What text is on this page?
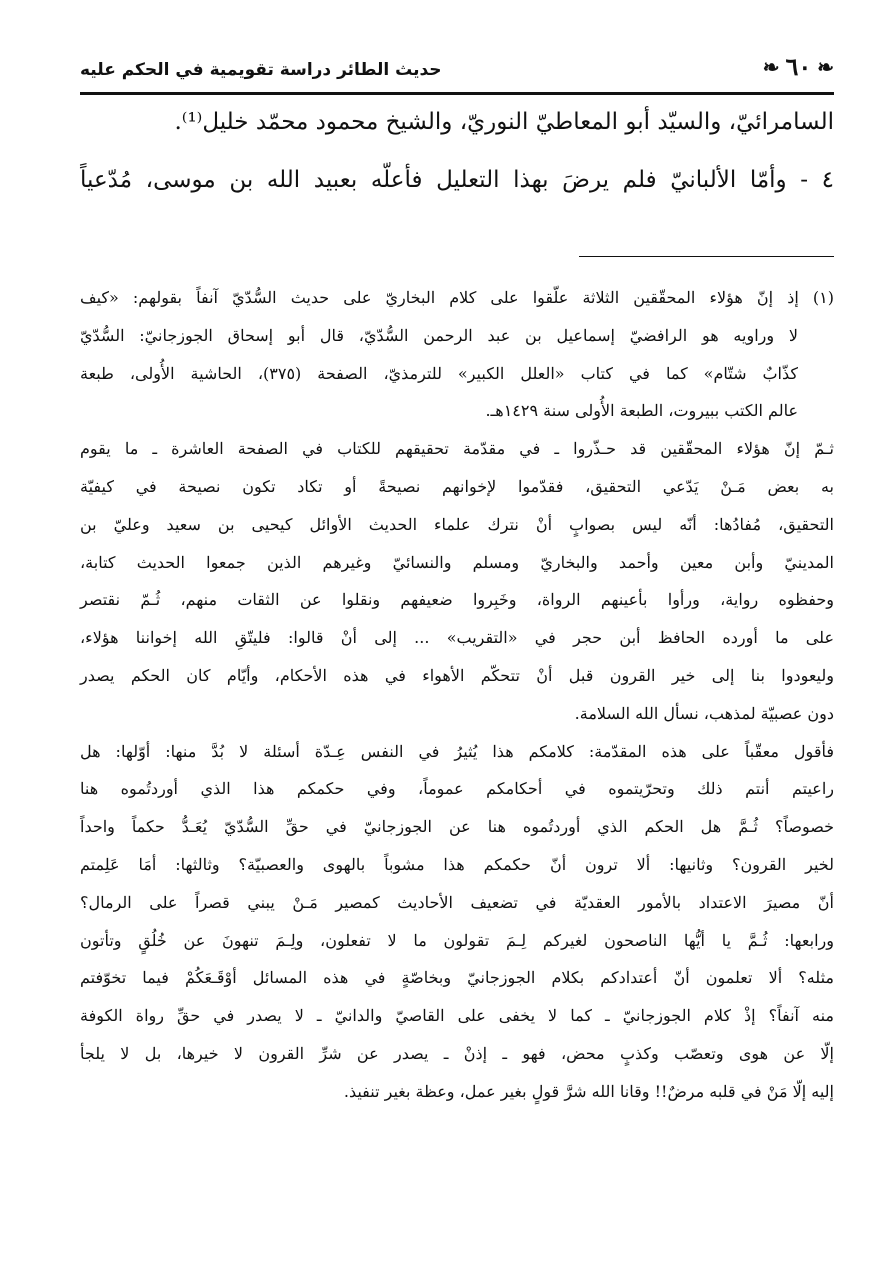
❧
٦٠
❧
حديث الطائر دراسة تقويمية في الحكم عليه
السامرائيّ، والسيّد أبو المعاطيّ النوريّ، والشيخ محمود محمّد خليل⁽¹⁾.
٤ - وأمّا الألبانيّ فلم يرضَ بهذا التعليل فأعلّه بعبيد الله بن موسى، مُدّعياً
(١) إذ إنّ هؤلاء المحقّقين الثلاثة علّقوا على كلام البخاريّ على حديث السُّدّيّ آنفاً بقولهم: «كيف
لا وراويه هو الرافضيّ إسماعيل بن عبد الرحمن السُّدّيّ، قال أبو إسحاق الجوزجانيّ: السُّدّيّ
كذّابٌ شتّام» كما في كتاب «العلل الكبير» للترمذيّ، الصفحة (٣٧٥)، الحاشية الأُولى، طبعة
عالم الكتب ببيروت، الطبعة الأُولى سنة ١٤٢٩هـ.
ثـمّ إنّ هؤلاء المحقّقين قد حـذّروا ـ في مقدّمة تحقيقهم للكتاب في الصفحة العاشرة ـ ما يقوم
به بعض مَـنْ يَدّعي التحقيق، فقدّموا لإخوانهم نصيحةً أو تكاد تكون نصيحة في كيفيّة
التحقيق، مُفادُها: أنّه ليس بصوابٍ أنْ نترك علماء الحديث الأوائل كيحيى بن سعيد وعليّ بن
المدينيّ وأبن معين وأحمد والبخاريّ ومسلم والنسائيّ وغيرهم الذين جمعوا الحديث كتابة،
وحفظوه رواية، ورأوا بأعينهم الرواة، وخَبِروا ضعيفهم ونقلوا عن الثقات منهم، ثُـمّ نقتصر
على ما أورده الحافظ أبن حجر في «التقريب» ... إلى أنْ قالوا: فليتّقِ الله إخواننا هؤلاء،
وليعودوا بنا إلى خير القرون قبل أنْ تتحكّم الأهواء في هذه الأحكام، وأيّام كان الحكم يصدر
دون عصبيّة لمذهب، نسأل الله السلامة.
فأقول معقّباً على هذه المقدّمة: كلامكم هذا يُثيرُ في النفس عِـدّة أسئلة لا بُدَّ منها: أوّلها: هل
راعيتم أنتم ذلك وتحرّيتموه في أحكامكم عموماً، وفي حكمكم هذا الذي أوردتُموه هنا
خصوصاً؟ ثُـمَّ هل الحكم الذي أوردتُموه هنا عن الجوزجانيّ في حقِّ السُّدّيّ يُعَـدُّ حكماً واحداً
لخير القرون؟ وثانيها: ألا ترون أنّ حكمكم هذا مشوباً بالهوى والعصبيّة؟ وثالثها: أمَا عَلِمتم
أنّ مصيرَ الاعتداد بالأمور العقديّة في تضعيف الأحاديث كمصير مَـنْ يبني قصراً على الرمال؟
ورابعها: ثُـمَّ يا أيُّها الناصحون لغيركم لِـمَ تقولون ما لا تفعلون، ولِـمَ تنهونَ عن خُلُقٍ وتأتون
مثله؟ ألا تعلمون أنّ أعتدادكم بكلام الجوزجانيّ وبخاصّةٍ في هذه المسائل أوْقَـعَكُمْ فيما تخوّفتم
منه آنفاً؟ إذْ كلام الجوزجانيّ ـ كما لا يخفى على القاصيّ والدانيّ ـ لا يصدر في حقِّ رواة الكوفة
إلّا عن هوى وتعصّب وكذبٍ محض، فهو ـ إذنْ ـ يصدر عن شرِّ القرون لا خيرها، بل لا يلجأ
إليه إلّا مَنْ في قلبه مرضٌ!! وقانا الله شرَّ قولٍ بغير عمل، وعظة بغير تنفيذ.
